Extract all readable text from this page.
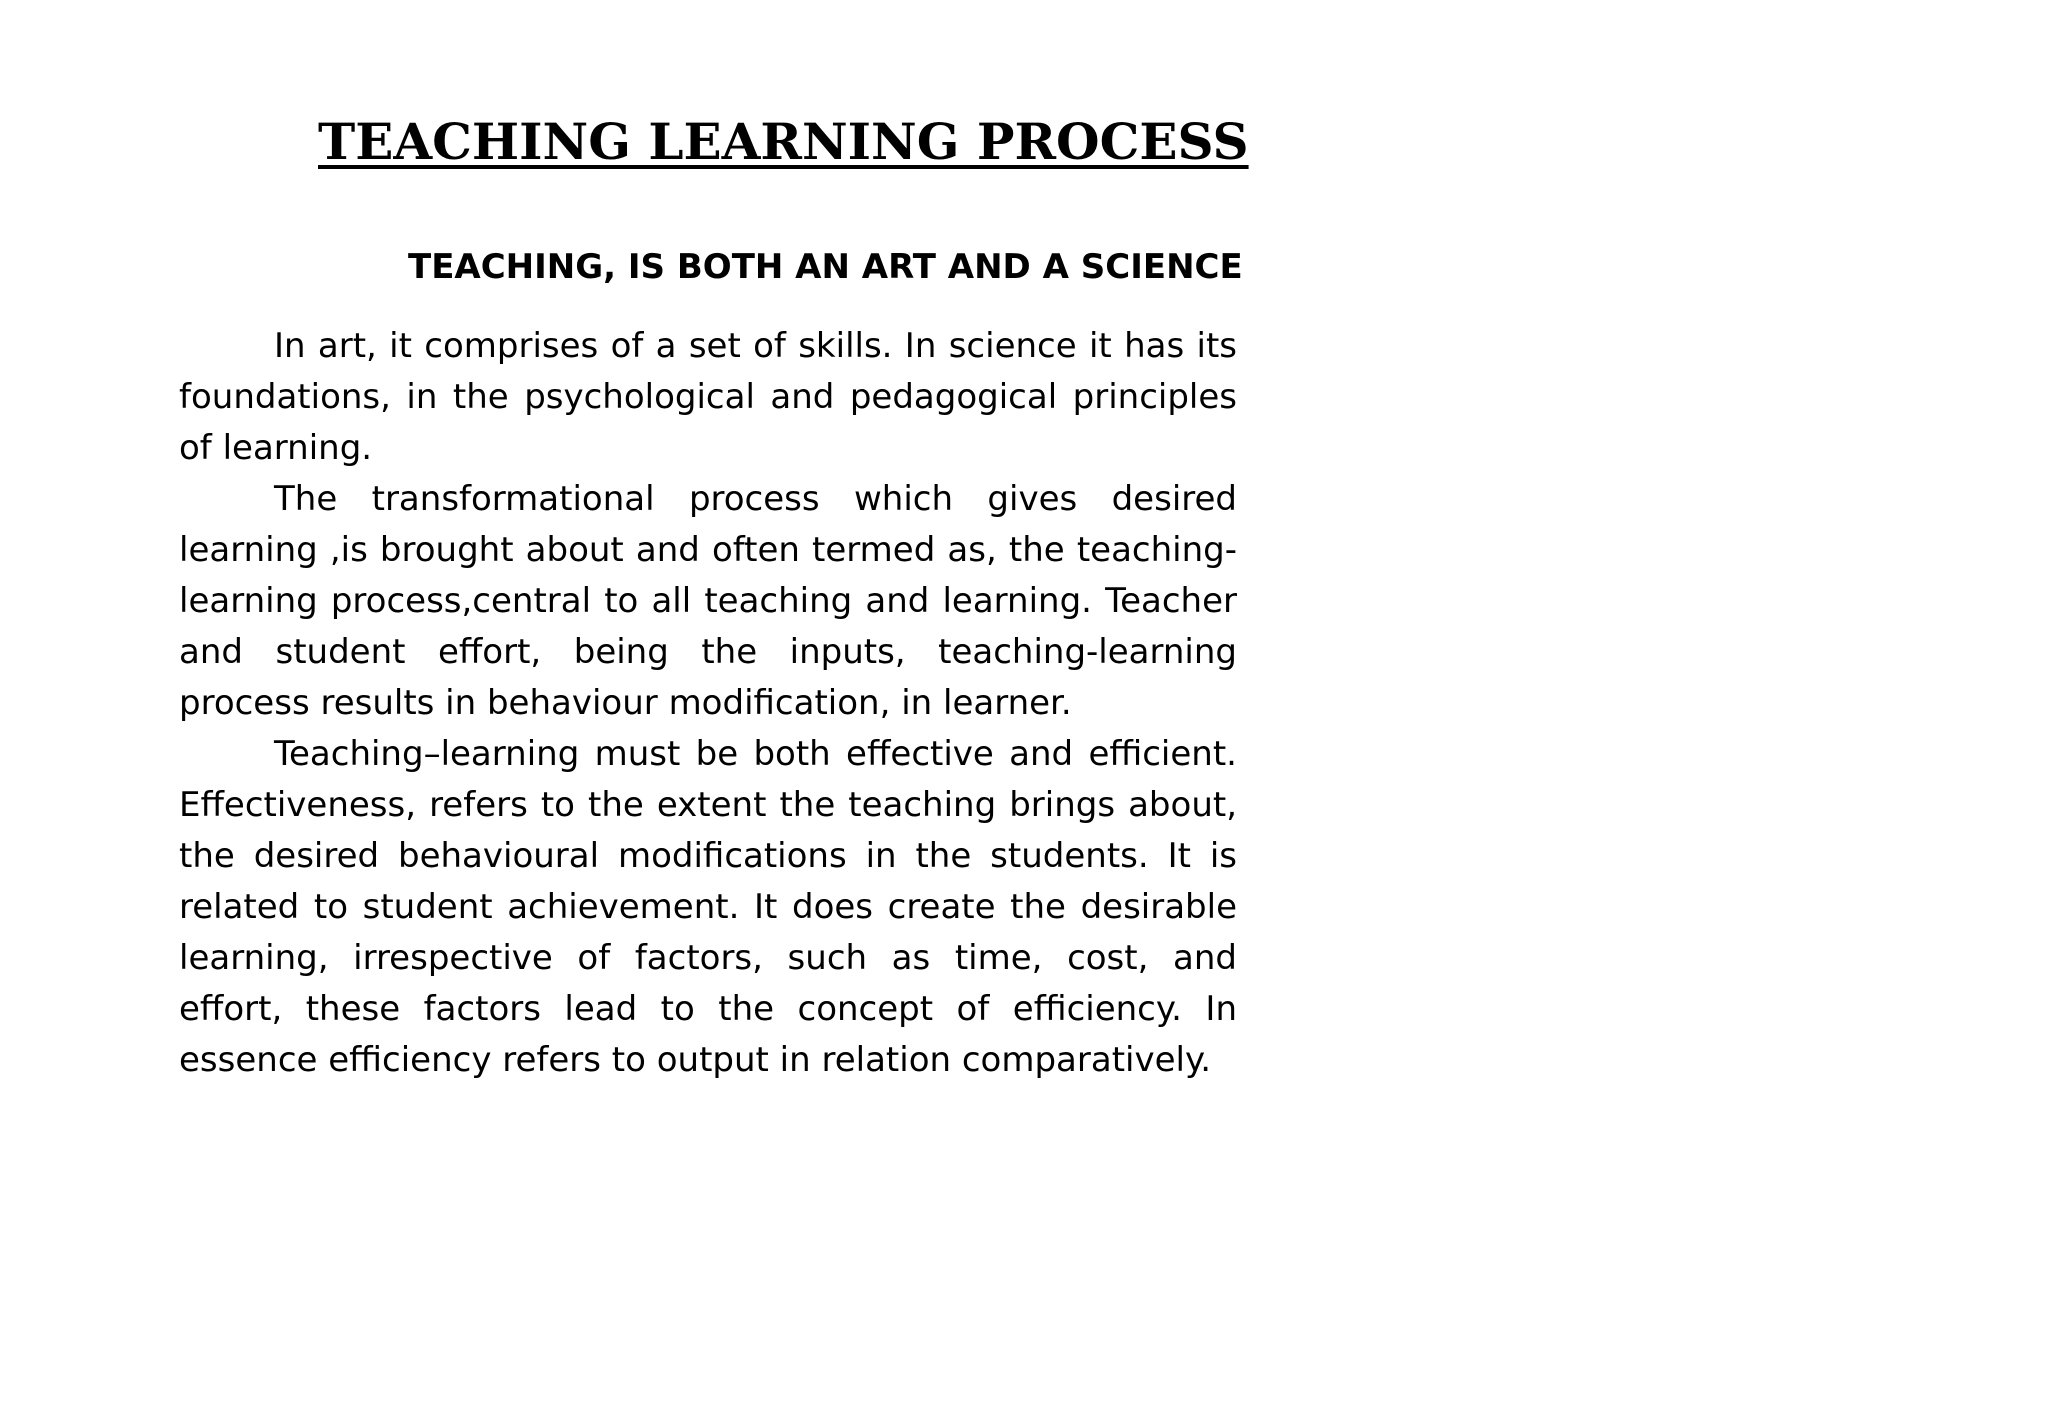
TEACHING LEARNING PROCESS
TEACHING, IS BOTH AN ART AND A SCIENCE

In art, it comprises of a set of skills. In science it has its foundations, in the psychological and pedagogical principles of learning.

The transformational process which gives desired learning ,is brought about and often termed as, the teaching-learning process,central to all teaching and learning. Teacher and student effort, being the inputs, teaching-learning process results in behaviour modification, in learner.

Teaching–learning must be both effective and efficient. Effectiveness, refers to the extent the teaching brings about, the desired behavioural modifications in the students. It is related to student achievement. It does create the desirable learning, irrespective of factors, such as time, cost, and effort, these factors lead to the concept of efficiency. In essence efficiency refers to output in relation comparatively.
